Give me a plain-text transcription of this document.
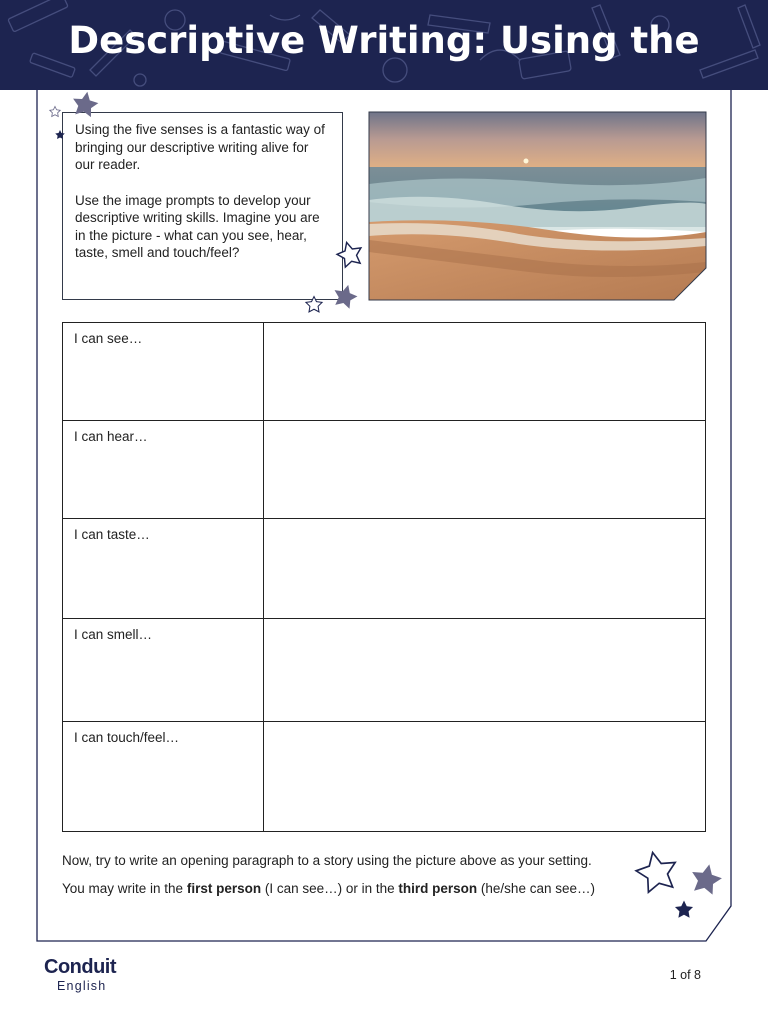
Descriptive Writing: Using the

Using the five senses is a fantastic way of bringing our descriptive writing alive for our reader.

Use the image prompts to develop your descriptive writing skills. Imagine you are in the picture - what can you see, hear, taste, smell and touch/feel?

I can see…	
I can hear…	
I can taste…	
I can smell…	
I can touch/feel…	

Now, try to write an opening paragraph to a story using the picture above as your setting.

You may write in the first person (I can see…) or in the third person (he/she can see…)

Conduit
English
1 of 8
